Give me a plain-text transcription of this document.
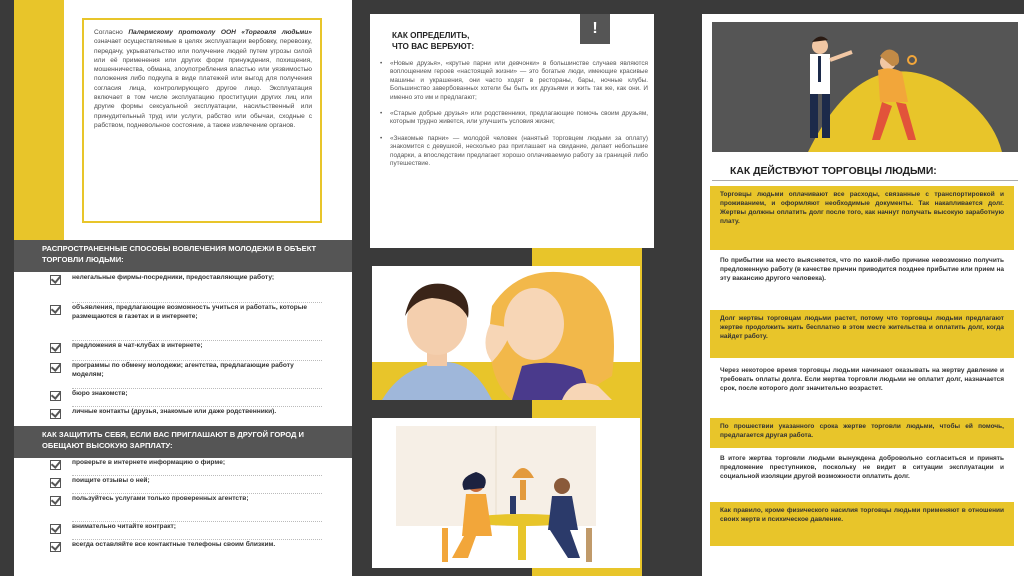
Согласно Палермскому протоколу ООН «Торговля людьми» означает осуществляемые в целях эксплуатации вербовку, перевозку, передачу, укрывательство или получение людей путем угрозы силой или её применения или других форм принуждения, похищения, мошенничества, обмана, злоупотребления властью или уязвимостью положения либо подкупа в виде платежей или выгод для получения согласия лица, контролирующего другое лицо. Эксплуатация включает в том числе эксплуатацию проституции других лиц или другие формы сексуальной эксплуатации, насильственный или принудительный труд или услуги, рабство или обычаи, сходные с рабством, подневольное состояние, а также извлечение органов.
РАСПРОСТРАНЕННЫЕ СПОСОБЫ ВОВЛЕЧЕНИЯ МОЛОДЕЖИ В ОБЪЕКТ ТОРГОВЛИ ЛЮДЬМИ:
нелегальные фирмы-посредники, предоставляющие работу;
объявления, предлагающие возможность учиться и работать, которые размещаются в газетах и в интернете;
предложения в чат-клубах в интернете;
программы по обмену молодежи; агентства, предлагающие работу моделям;
бюро знакомств;
личные контакты (друзья, знакомые или даже родственники).
КАК ЗАЩИТИТЬ СЕБЯ, ЕСЛИ ВАС ПРИГЛАШАЮТ В ДРУГОЙ ГОРОД И ОБЕЩАЮТ ВЫСОКУЮ ЗАРПЛАТУ:
проверьте в интернете информацию о фирме;
поищите отзывы о ней;
пользуйтесь услугами только проверенных агентств;
внимательно читайте контракт;
всегда оставляйте все контактные телефоны своим близким.
!
КАК ОПРЕДЕЛИТЬ,
ЧТО ВАС ВЕРБУЮТ:

• «Новые друзья», «крутые парни или девчонки» в большинстве случаев являются воплощением героев «настоящей жизни» — это богатые люди, имеющие красивые машины и украшения, они часто ходят в рестораны, бары, ночные клубы. Большинство завербованных хотели бы быть их друзьями и жить так же, как они. И именно это им и предлагают;

• «Старые добрые друзья» или родственники, предлагающие помочь своим друзьям, которым трудно живется, или улучшить условия жизни;

• «Знакомые парни» — молодой человек (нанятый торговцем людьми за оплату) знакомится с девушкой, несколько раз приглашает на свидание, делает небольшие подарки, а впоследствии предлагает хорошо оплачиваемую работу за границей либо путешествие.

КАК ДЕЙСТВУЮТ ТОРГОВЦЫ ЛЮДЬМИ:
Торговцы людьми оплачивают все расходы, связанные с транспортировкой и проживанием, и оформляют необходимые документы. Так накапливается долг. Жертвы должны оплатить долг после того, как начнут получать высокую заработную плату.
По прибытии на место выясняется, что по какой-либо причине невозможно получить предложенную работу (в качестве причин приводится позднее прибытие или прием на эту вакансию другого человека).
Долг жертвы торговцам людьми растет, потому что торговцы людьми предлагают жертве продолжить жить бесплатно в этом месте жительства и оплатить долг, когда найдет работу.
Через некоторое время торговцы людьми начинают оказывать на жертву давление и требовать оплаты долга. Если жертва торговли людьми не оплатит долг, назначается срок, после которого долг значительно возрастет.
По прошествии указанного срока жертве торговли людьми, чтобы ей помочь, предлагается другая работа.
В итоге жертва торговли людьми вынуждена добровольно согласиться и принять предложение преступников, поскольку не видит в ситуации эксплуатации и социальной изоляции другой возможности оплатить долг.
Как правило, кроме физического насилия торговцы людьми применяют в отношении своих жертв и психическое давление.
